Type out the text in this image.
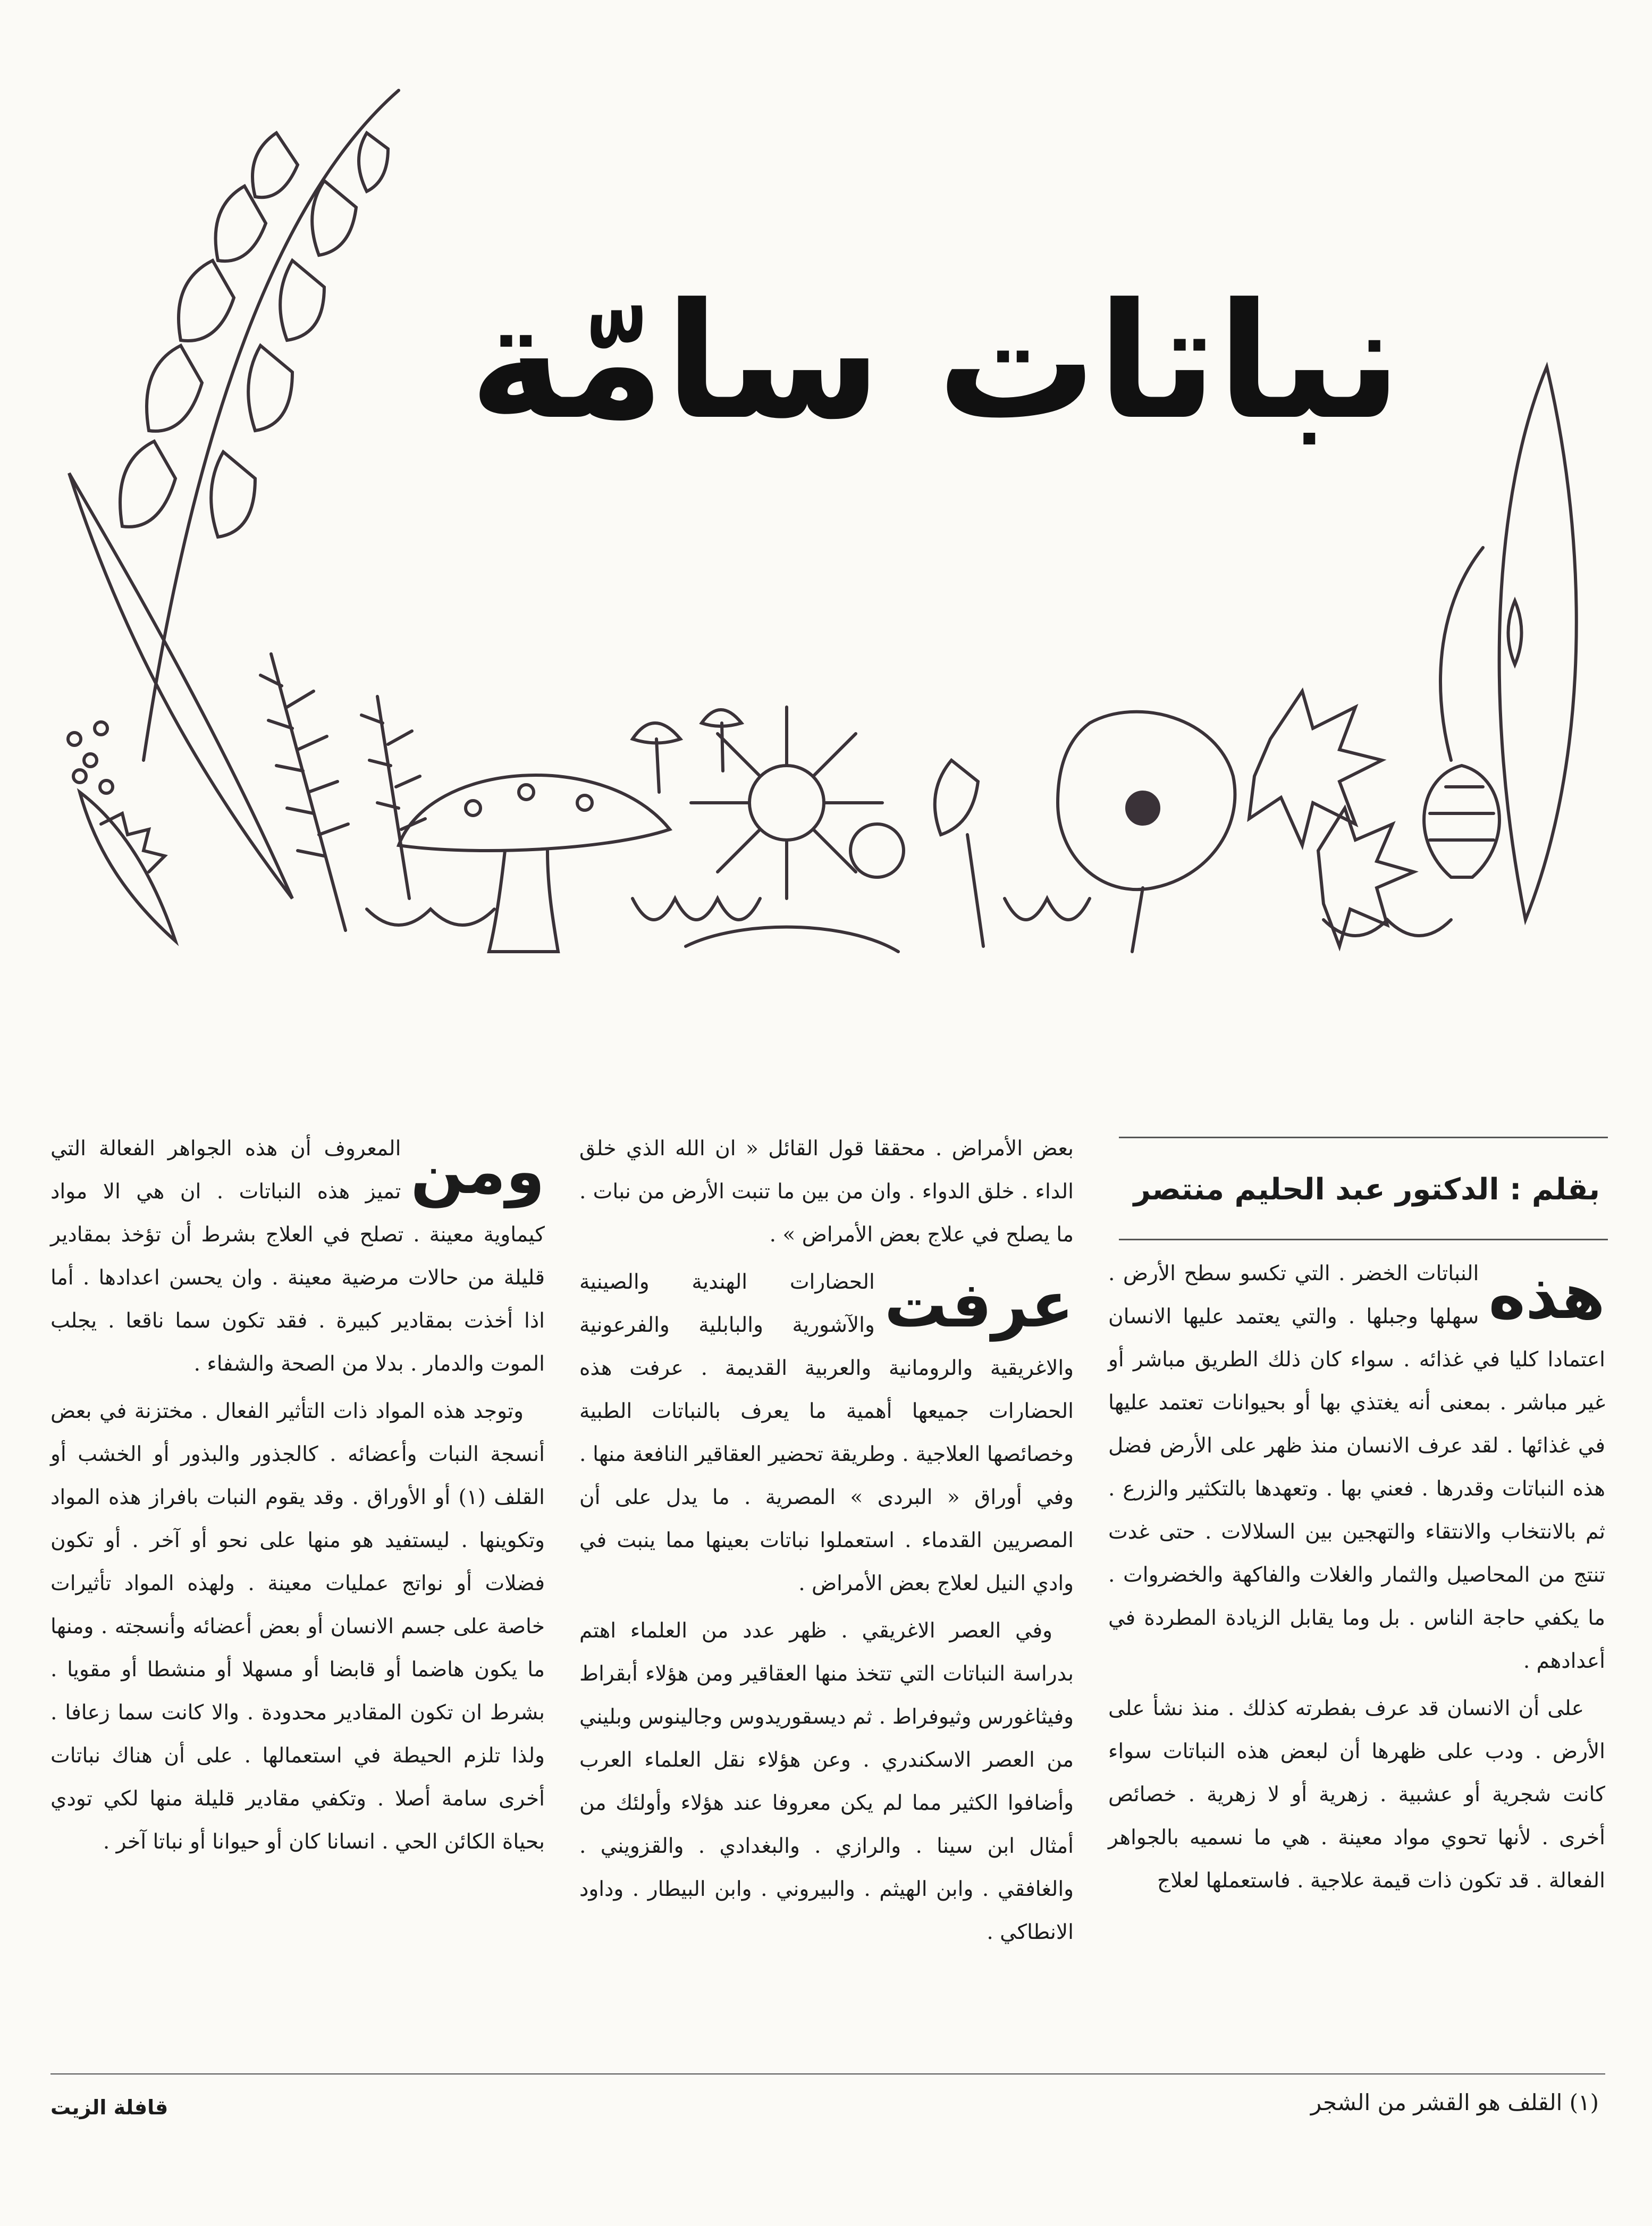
نباتات سامّة
بقلم : الدكتور عبد الحليم منتصر
هذه

النباتات الخضر . التي تكسو سطح الأرض . سهلها وجبلها . والتي يعتمد عليها الانسان اعتمادا كليا في غذائه . سواء كان ذلك الطريق مباشر أو غير مباشر . بمعنى أنه يغتذي بها أو بحيوانات تعتمد عليها في غذائها . لقد عرف الانسان منذ ظهر على الأرض فضل هذه النباتات وقدرها . فعني بها . وتعهدها بالتكثير والزرع . ثم بالانتخاب والانتقاء والتهجين بين السلالات . حتى غدت تنتج من المحاصيل والثمار والغلات والفاكهة والخضروات . ما يكفي حاجة الناس . بل وما يقابل الزيادة المطردة في أعدادهم .

على أن الانسان قد عرف بفطرته كذلك . منذ نشأ على الأرض . ودب على ظهرها أن لبعض هذه النباتات سواء كانت شجرية أو عشبية . زهرية أو لا زهرية . خصائص أخرى . لأنها تحوي مواد معينة . هي ما نسميه بالجواهر الفعالة . قد تكون ذات قيمة علاجية . فاستعملها لعلاج

بعض الأمراض . محققا قول القائل « ان الله الذي خلق الداء . خلق الدواء . وان من بين ما تنبت الأرض من نبات . ما يصلح في علاج بعض الأمراض » .

عرفت
الحضارات الهندية والصينية والآشورية والبابلية والفرعونية والاغريقية والرومانية والعربية القديمة . عرفت هذه الحضارات جميعها أهمية ما يعرف بالنباتات الطبية وخصائصها العلاجية . وطريقة تحضير العقاقير النافعة منها . وفي أوراق « البردى » المصرية . ما يدل على أن المصريين القدماء . استعملوا نباتات بعينها مما ينبت في وادي النيل لعلاج بعض الأمراض .

وفي العصر الاغريقي . ظهر عدد من العلماء اهتم بدراسة النباتات التي تتخذ منها العقاقير ومن هؤلاء أبقراط وفيثاغورس وثيوفراط . ثم ديسقوريدوس وجالينوس وبليني من العصر الاسكندري . وعن هؤلاء نقل العلماء العرب وأضافوا الكثير مما لم يكن معروفا عند هؤلاء وأولئك من أمثال ابن سينا . والرازي . والبغدادي . والقزويني . والغافقي . وابن الهيثم . والبيروني . وابن البيطار . وداود الانطاكي .

ومن

المعروف أن هذه الجواهر الفعالة التي تميز هذه النباتات . ان هي الا مواد كيماوية معينة . تصلح في العلاج بشرط أن تؤخذ بمقادير قليلة من حالات مرضية معينة . وان يحسن اعدادها . أما اذا أخذت بمقادير كبيرة . فقد تكون سما ناقعا . يجلب الموت والدمار . بدلا من الصحة والشفاء .

وتوجد هذه المواد ذات التأثير الفعال . مختزنة في بعض أنسجة النبات وأعضائه . كالجذور والبذور أو الخشب أو القلف (١) أو الأوراق . وقد يقوم النبات بافراز هذه المواد وتكوينها . ليستفيد هو منها على نحو أو آخر . أو تكون فضلات أو نواتج عمليات معينة . ولهذه المواد تأثيرات خاصة على جسم الانسان أو بعض أعضائه وأنسجته . ومنها ما يكون هاضما أو قابضا أو مسهلا أو منشطا أو مقويا . بشرط ان تكون المقادير محدودة . والا كانت سما زعافا . ولذا تلزم الحيطة في استعمالها . على أن هناك نباتات أخرى سامة أصلا . وتكفي مقادير قليلة منها لكي تودي بحياة الكائن الحي . انسانا كان أو حيوانا أو نباتا آخر .

(١) القلف هو القشر من الشجر
قافلة الزيت
